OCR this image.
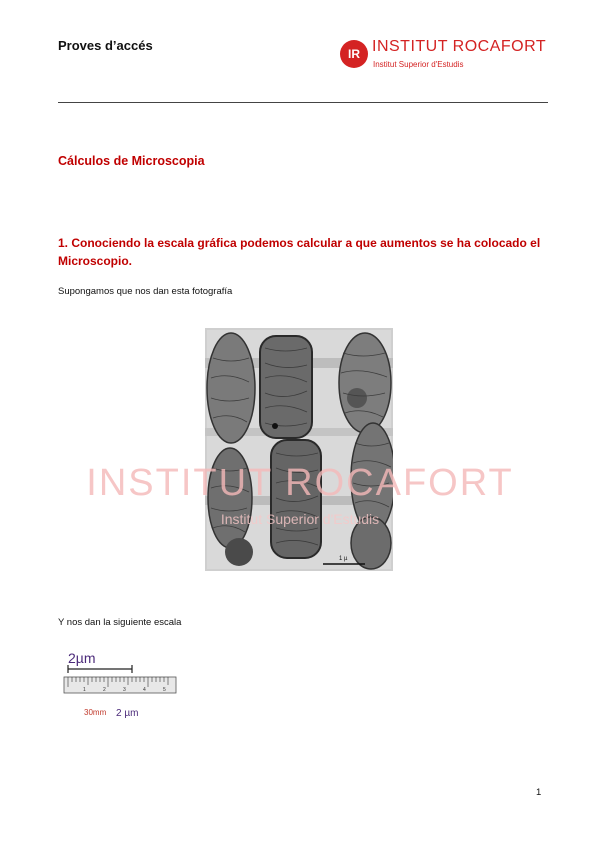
Proves d’accés
IR INSTITUT ROCAFORT
Institut Superior d'Estudis
Cálculos de Microscopia
1. Conociendo la escala gráfica podemos calcular a que aumentos se ha colocado el Microscopio.
Supongamos que nos dan esta fotografía
1 µ
INSTITUT ROCAFORT
Institut Superior d'Estudis
Y nos dan la siguiente escala
2µm
1	2	3	4	5
30mm 2 µm
1
